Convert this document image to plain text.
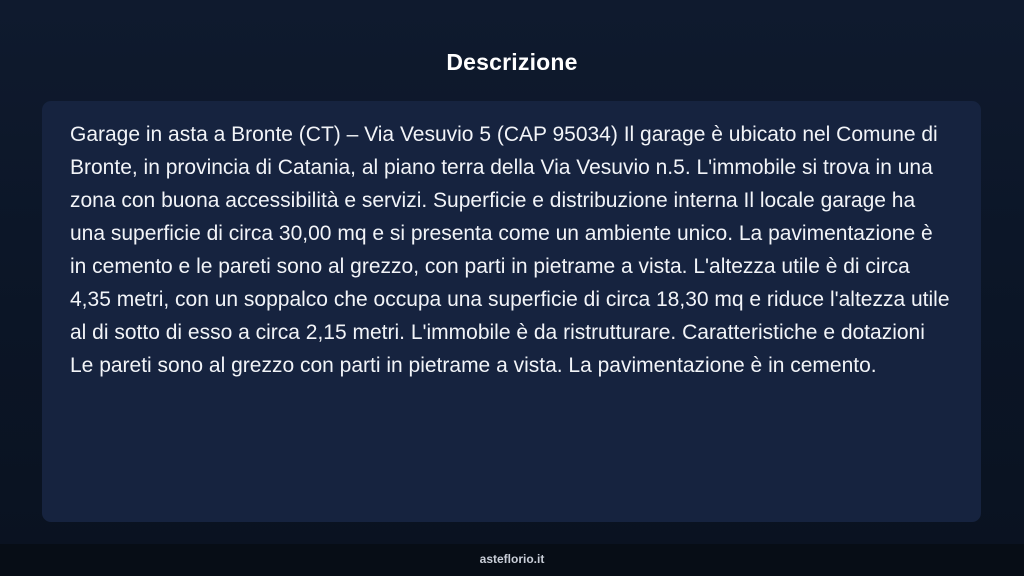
Descrizione

Garage in asta a Bronte (CT) – Via Vesuvio 5 (CAP 95034) Il garage è ubicato nel Comune di Bronte, in provincia di Catania, al piano terra della Via Vesuvio n.5. L'immobile si trova in una zona con buona accessibilità e servizi. Superficie e distribuzione interna Il locale garage ha una superficie di circa 30,00 mq e si presenta come un ambiente unico. La pavimentazione è in cemento e le pareti sono al grezzo, con parti in pietrame a vista. L'altezza utile è di circa 4,35 metri, con un soppalco che occupa una superficie di circa 18,30 mq e riduce l'altezza utile al di sotto di esso a circa 2,15 metri. L'immobile è da ristrutturare. Caratteristiche e dotazioni Le pareti sono al grezzo con parti in pietrame a vista. La pavimentazione è in cemento.

asteflorio.it
